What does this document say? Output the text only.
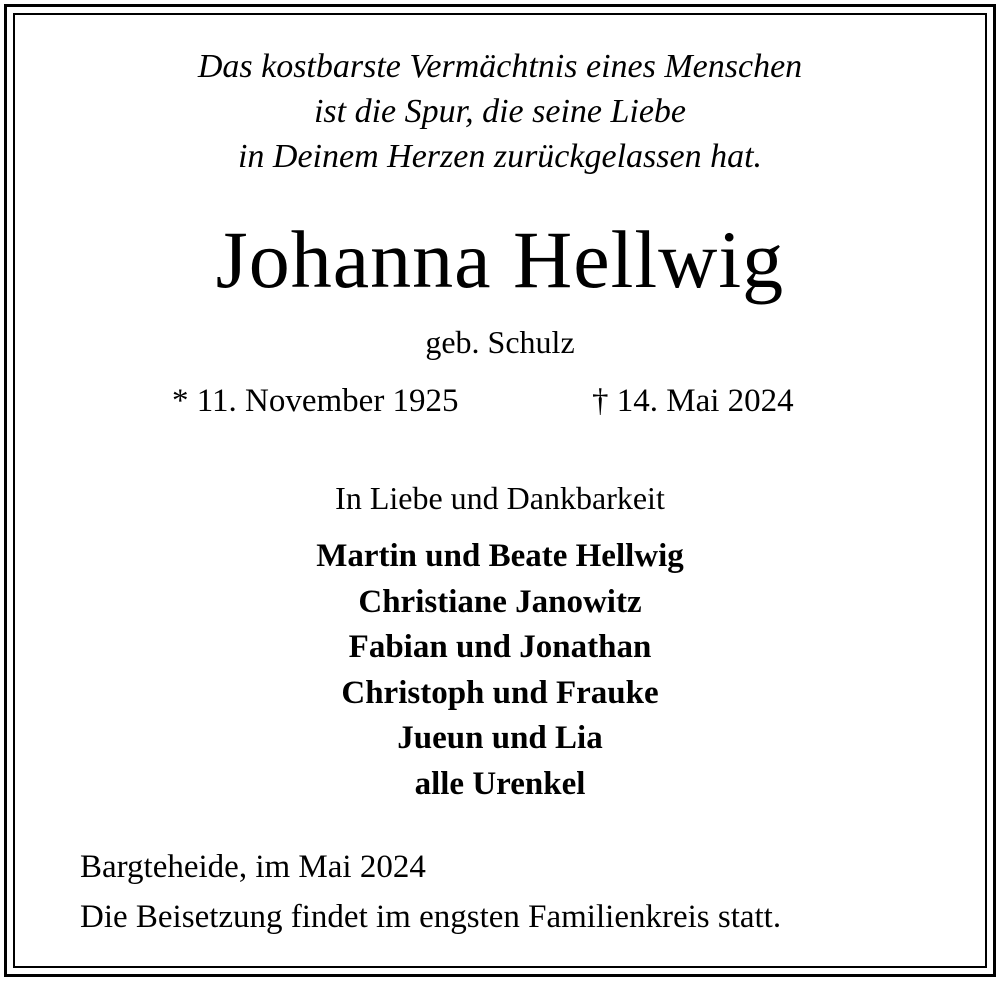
Das kostbarste Vermächtnis eines Menschen
ist die Spur, die seine Liebe
in Deinem Herzen zurückgelassen hat.
Johanna Hellwig
geb. Schulz
* 11. November 1925	† 14. Mai 2024
In Liebe und Dankbarkeit
Martin und Beate Hellwig
Christiane Janowitz
Fabian und Jonathan
Christoph und Frauke
Jueun und Lia
alle Urenkel
Bargteheide, im Mai 2024
Die Beisetzung findet im engsten Familienkreis statt.
